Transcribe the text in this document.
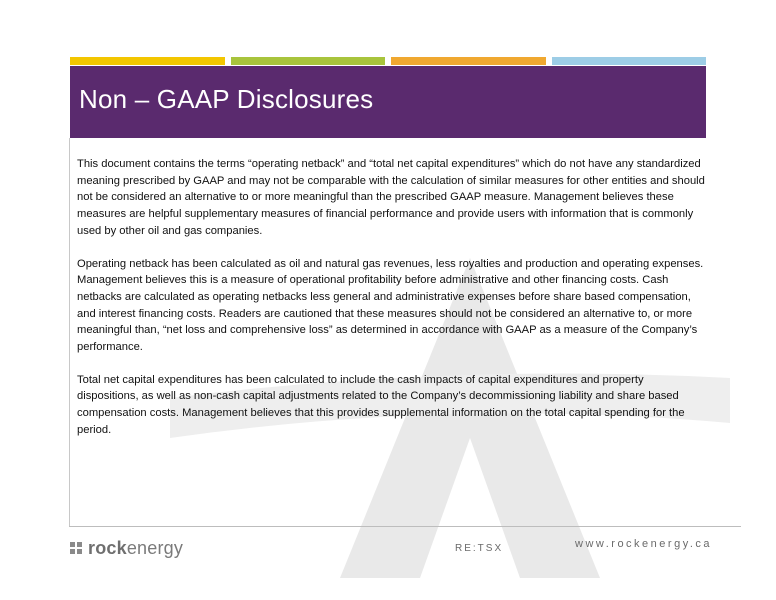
Non – GAAP Disclosures

This document contains the terms “operating netback” and “total net capital expenditures” which do not have any standardized meaning prescribed by GAAP and may not be comparable with the calculation of similar measures for other entities and should not be considered an alternative to or more meaningful than the prescribed GAAP measure. Management believes these measures are helpful supplementary measures of financial performance and provide users with information that is commonly used by other oil and gas companies.

Operating netback has been calculated as oil and natural gas revenues, less royalties and production and operating expenses. Management believes this is a measure of operational profitability before administrative and other financing costs. Cash netbacks are calculated as operating netbacks less general and administrative expenses before share based compensation, and interest financing costs. Readers are cautioned that these measures should not be considered an alternative to, or more meaningful than, “net loss and comprehensive loss” as determined in accordance with GAAP as a measure of the Company’s performance.

Total net capital expenditures has been calculated to include the cash impacts of capital expenditures and property dispositions, as well as non-cash capital adjustments related to the Company’s decommissioning liability and share based compensation costs. Management believes that this provides supplemental information on the total capital spending for the period.

rockenergy	RE:TSX	www.rockenergy.ca
